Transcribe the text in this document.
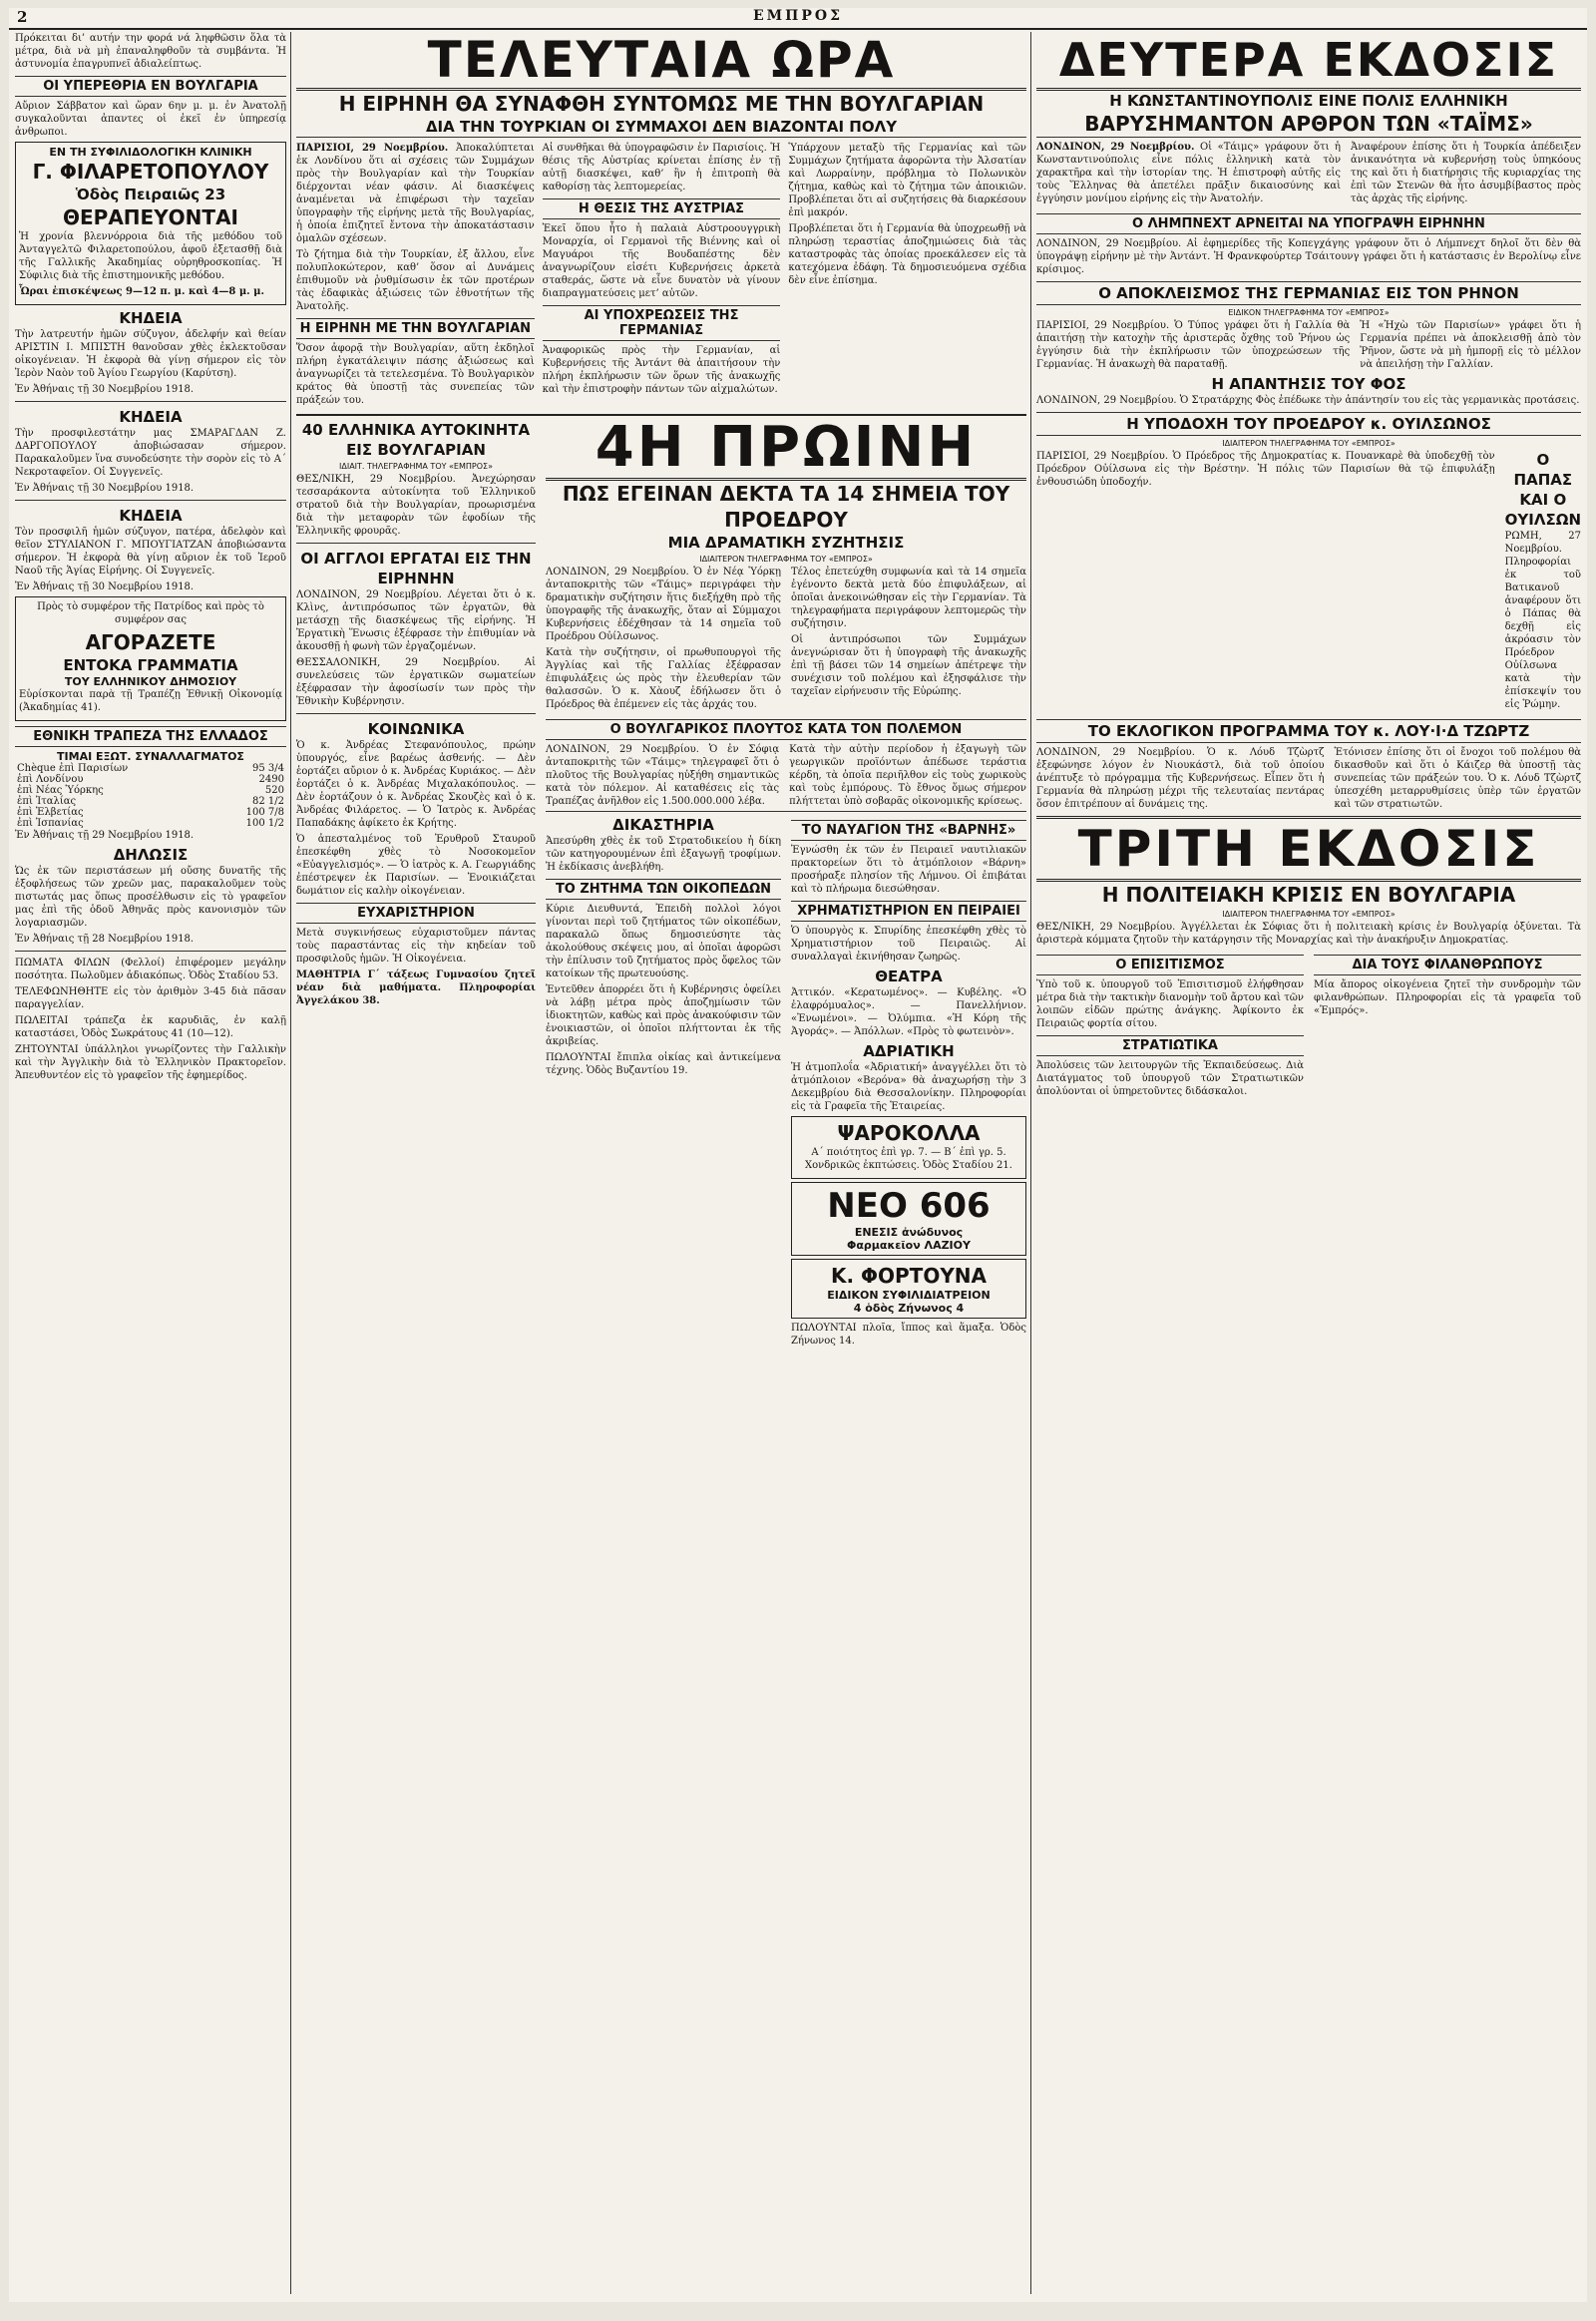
2	ΕΜΠΡΟΣ

Πρόκειται δι’ αυτήν την φορά νά ληφθῶσιν ὅλα τὰ μέτρα, διὰ νὰ μὴ ἐπαναληφθοῦν τὰ συμβάντα. Ἡ ἀστυνομία ἐπαγρυπνεῖ ἀδιαλείπτως.

ΟΙ ΥΠΕΡΕΘΡΙΑ ΕΝ ΒΟΥΛΓΑΡΙΑ

Αὔριον Σάββατον καὶ ὥραν 6ην μ. μ. ἐν Ἀνατολῇ συγκαλοῦνται ἀπαντες οἱ ἐκεῖ ἐν ὑπηρεσίᾳ ἀνθρωποι.

ΕΝ ΤΗ ΣΥΦΙΛΙΔΟΛΟΓΙΚΗ ΚΛΙΝΙΚΗ
Γ. ΦΙΛΑΡΕΤΟΠΟΥΛΟΥ
Ὁδὸς Πειραιῶς 23
ΘΕΡΑΠΕΥΟΝΤΑΙ

Ἡ χρονία βλεννόρροια διὰ τῆς μεθόδου τοῦ Ἀνταγγελτῶ Φιλαρετοπούλου, ἀφοῦ ἐξετασθῇ διὰ τῆς Γαλλικῆς Ἀκαδημίας οὐρηθροσκοπίας. Ἡ Σύφιλις διὰ τῆς ἐπιστημονικῆς μεθόδου.

Ὧραι ἐπισκέψεως 9—12 π. μ. καὶ 4—8 μ. μ.

ΚΗΔΕΙΑ

Τὴν λατρευτήν ἡμῶν σύζυγον, ἀδελφήν καὶ θείαν ΑΡΙΣΤΙΝ Ι. ΜΠΙΣΤΗ θανοῦσαν χθὲς ἐκλεκτοῦσαν οἰκογένειαν. Ἡ ἐκφορὰ θὰ γίνῃ σήμερον εἰς τὸν Ἱερὸν Ναὸν τοῦ Ἁγίου Γεωργίου (Καρύτση).

Ἐν Ἀθήναις τῇ 30 Νοεμβρίου 1918.

ΚΗΔΕΙΑ

Τὴν προσφιλεστάτην μας ΣΜΑΡΑΓΔΑΝ Ζ. ΔΑΡΓΟΠΟΥΛΟΥ ἀποβιώσασαν σήμερον. Παρακαλοῦμεν ἵνα συνοδεύσητε τὴν σορὸν εἰς τὸ Α΄ Νεκροταφεῖον. Οἱ Συγγενεῖς.

Ἐν Ἀθήναις τῇ 30 Νοεμβρίου 1918.

ΚΗΔΕΙΑ

Τὸν προσφιλῆ ἡμῶν σύζυγον, πατέρα, ἀδελφὸν καὶ θεῖον ΣΤΥΛΙΑΝΟΝ Γ. ΜΠΟΥΓΙΑΤΖΑΝ ἀποβιώσαντα σήμερον. Ἡ ἐκφορὰ θὰ γίνῃ αὔριον ἐκ τοῦ Ἱεροῦ Ναοῦ τῆς Ἁγίας Εἰρήνης. Οἱ Συγγενεῖς.

Ἐν Ἀθήναις τῇ 30 Νοεμβρίου 1918.

Πρὸς τὸ συμφέρον τῆς Πατρίδος καὶ πρὸς τὸ συμφέρον σας

ΑΓΟΡΑΖΕΤΕ
ΕΝΤΟΚΑ ΓΡΑΜΜΑΤΙΑ
ΤΟΥ ΕΛΛΗΝΙΚΟΥ ΔΗΜΟΣΙΟΥ

Εὑρίσκονται παρὰ τῇ Τραπέζῃ Ἐθνικῇ Οἰκονομίᾳ (Ἀκαδημίας 41).

ΕΘΝΙΚΗ ΤΡΑΠΕΖΑ ΤΗΣ ΕΛΛΑΔΟΣ
ΤΙΜΑΙ ΕΞΩΤ. ΣΥΝΑΛΛΑΓΜΑΤΟΣ
Chèque ἐπὶ Παρισίων	95 3/4
ἐπὶ Λονδίνου	2490
ἐπὶ Νέας Ὑόρκης	520
ἐπὶ Ἰταλίας	82 1/2
ἐπὶ Ἑλβετίας	100 7/8
ἐπὶ Ἰσπανίας	100 1/2

Ἐν Ἀθήναις τῇ 29 Νοεμβρίου 1918.

ΔΗΛΩΣΙΣ

Ὡς ἐκ τῶν περιστάσεων μή οὔσης δυνατῆς τῆς ἐξοφλήσεως τῶν χρεῶν μας, παρακαλοῦμεν τοὺς πιστωτάς μας ὅπως προσέλθωσιν εἰς τὸ γραφεῖον μας ἐπὶ τῆς ὁδοῦ Ἀθηνᾶς πρὸς κανονισμὸν τῶν λογαριασμῶν.

Ἐν Ἀθήναις τῇ 28 Νοεμβρίου 1918.

ΠΩΜΑΤΑ ΦΙΛΩΝ (Φελλοί) ἐπιφέρομεν μεγάλην ποσότητα. Πωλοῦμεν ἀδιακόπως. Ὁδὸς Σταδίου 53.

ΤΕΛΕΦΩΝΗΘΗΤΕ εἰς τὸν ἀριθμὸν 3-45 διὰ πᾶσαν παραγγελίαν.

ΠΩΛΕΙΤΑΙ τράπεζα ἐκ καρυδιᾶς, ἐν καλῇ καταστάσει, Ὁδὸς Σωκράτους 41 (10—12).

ΖΗΤΟΥΝΤΑΙ ὑπάλληλοι γνωρίζοντες τὴν Γαλλικὴν καὶ τὴν Ἀγγλικὴν διὰ τὸ Ἑλληνικὸν Πρακτορεῖον. Ἀπευθυντέον εἰς τὸ γραφεῖον τῆς ἐφημερίδος.

ΤΕΛΕΥΤΑΙΑ ΩΡΑ
Η ΕΙΡΗΝΗ ΘΑ ΣΥΝΑΦΘΗ ΣΥΝΤΟΜΩΣ ΜΕ ΤΗΝ ΒΟΥΛΓΑΡΙΑΝ
ΔΙΑ ΤΗΝ ΤΟΥΡΚΙΑΝ ΟΙ ΣΥΜΜΑΧΟΙ ΔΕΝ ΒΙΑΖΟΝΤΑΙ ΠΟΛΥ

ΠΑΡΙΣΙΟΙ, 29 Νοεμβρίου. Ἀποκαλύπτεται ἐκ Λονδίνου ὅτι αἱ σχέσεις τῶν Συμμάχων πρὸς τὴν Βουλγαρίαν καὶ τὴν Τουρκίαν διέρχονται νέαν φάσιν. Αἱ διασκέψεις ἀναμένεται νὰ ἐπιφέρωσι τὴν ταχεῖαν ὑπογραφὴν τῆς εἰρήνης μετὰ τῆς Βουλγαρίας, ἡ ὁποία ἐπιζητεῖ ἔντονα τὴν ἀποκατάστασιν ὁμαλῶν σχέσεων.

Τὸ ζήτημα διὰ τὴν Τουρκίαν, ἐξ ἄλλου, εἶνε πολυπλοκώτερον, καθ’ ὅσον αἱ Δυνάμεις ἐπιθυμοῦν νὰ ῥυθμίσωσιν ἐκ τῶν προτέρων τὰς ἐδαφικὰς ἀξιώσεις τῶν ἐθνοτήτων τῆς Ἀνατολῆς.

Η ΕΙΡΗΝΗ ΜΕ ΤΗΝ ΒΟΥΛΓΑΡΙΑΝ

Ὅσον ἀφορᾷ τὴν Βουλγαρίαν, αὕτη ἐκδηλοῖ πλήρη ἐγκατάλειψιν πάσης ἀξιώσεως καὶ ἀναγνωρίζει τὰ τετελεσμένα. Τὸ Βουλγαρικὸν κράτος θὰ ὑποστῇ τὰς συνεπείας τῶν πράξεών του.

Αἱ συνθῆκαι θὰ ὑπογραφῶσιν ἐν Παρισίοις. Ἡ θέσις τῆς Αὐστρίας κρίνεται ἐπίσης ἐν τῇ αὐτῇ διασκέψει, καθ’ ἣν ἡ ἐπιτροπὴ θὰ καθορίσῃ τὰς λεπτομερείας.

Η ΘΕΣΙΣ ΤΗΣ ΑΥΣΤΡΙΑΣ

Ἐκεῖ ὅπου ἦτο ἡ παλαιὰ Αὐστροουγγρικὴ Μοναρχία, οἱ Γερμανοὶ τῆς Βιέννης καὶ οἱ Μαγυάροι τῆς Βουδαπέστης δὲν ἀναγνωρίζουν εἰσέτι Κυβερνήσεις ἀρκετὰ σταθεράς, ὥστε νὰ εἶνε δυνατὸν νὰ γίνουν διαπραγματεύσεις μετ’ αὐτῶν.

ΑΙ ΥΠΟΧΡΕΩΣΕΙΣ ΤΗΣ ΓΕΡΜΑΝΙΑΣ

Ἀναφορικῶς πρὸς τὴν Γερμανίαν, αἱ Κυβερνήσεις τῆς Ἀντάντ θὰ ἀπαιτήσουν τὴν πλήρη ἐκπλήρωσιν τῶν ὅρων τῆς ἀνακωχῆς καὶ τὴν ἐπιστροφὴν πάντων τῶν αἰχμαλώτων.

Ὑπάρχουν μεταξὺ τῆς Γερμανίας καὶ τῶν Συμμάχων ζητήματα ἀφορῶντα τὴν Ἀλσατίαν καὶ Λωρραίνην, πρόβλημα τὸ Πολωνικὸν ζήτημα, καθὼς καὶ τὸ ζήτημα τῶν ἀποικιῶν. Προβλέπεται ὅτι αἱ συζητήσεις θὰ διαρκέσουν ἐπὶ μακρόν.

Προβλέπεται ὅτι ἡ Γερμανία θὰ ὑποχρεωθῇ νὰ πληρώσῃ τεραστίας ἀποζημιώσεις διὰ τὰς καταστροφὰς τὰς ὁποίας προεκάλεσεν εἰς τὰ κατεχόμενα ἐδάφη. Τὰ δημοσιευόμενα σχέδια δὲν εἶνε ἐπίσημα.

40 ΕΛΛΗΝΙΚΑ ΑΥΤΟΚΙΝΗΤΑ ΕΙΣ ΒΟΥΛΓΑΡΙΑΝ
ΙΔΙΑΙΤ. ΤΗΛΕΓΡΑΦΗΜΑ ΤΟΥ «ΕΜΠΡΟΣ»

ΘΕΣ/ΝΙΚΗ, 29 Νοεμβρίου. Ἀνεχώρησαν τεσσαράκοντα αὐτοκίνητα τοῦ Ἑλληνικοῦ στρατοῦ διὰ τὴν Βουλγαρίαν, προωρισμένα διὰ τὴν μεταφορὰν τῶν ἐφοδίων τῆς Ἑλληνικῆς φρουρᾶς.

ΟΙ ΑΓΓΛΟΙ ΕΡΓΑΤΑΙ ΕΙΣ ΤΗΝ ΕΙΡΗΝΗΝ

ΛΟΝΔΙΝΟΝ, 29 Νοεμβρίου. Λέγεται ὅτι ὁ κ. Κλὶνς, ἀντιπρόσωπος τῶν ἐργατῶν, θὰ μετάσχῃ τῆς διασκέψεως τῆς εἰρήνης. Ἡ Ἐργατικὴ Ἕνωσις ἐξέφρασε τὴν ἐπιθυμίαν νὰ ἀκουσθῇ ἡ φωνὴ τῶν ἐργαζομένων.

ΘΕΣΣΑΛΟΝΙΚΗ, 29 Νοεμβρίου. Αἱ συνελεύσεις τῶν ἐργατικῶν σωματείων ἐξέφρασαν τὴν ἀφοσίωσίν των πρὸς τὴν Ἐθνικὴν Κυβέρνησιν.

ΚΟΙΝΩΝΙΚΑ

Ὁ κ. Ἀνδρέας Στεφανόπουλος, πρώην ὑπουργός, εἶνε βαρέως ἀσθενής. — Δὲν ἑορτάζει αὔριον ὁ κ. Ἀνδρέας Κυριάκος. — Δὲν ἑορτάζει ὁ κ. Ἀνδρέας Μιχαλακόπουλος. — Δὲν ἑορτάζουν ὁ κ. Ἀνδρέας Σκουζὲς καὶ ὁ κ. Ἀνδρέας Φιλάρετος. — Ὁ Ἰατρὸς κ. Ἀνδρέας Παπαδάκης ἀφίκετο ἐκ Κρήτης.

Ὁ ἀπεσταλμένος τοῦ Ἐρυθροῦ Σταυροῦ ἐπεσκέφθη χθὲς τὸ Νοσοκομεῖον «Εὐαγγελισμός». — Ὁ ἰατρὸς κ. Α. Γεωργιάδης ἐπέστρεψεν ἐκ Παρισίων. — Ἐνοικιάζεται δωμάτιον εἰς καλὴν οἰκογένειαν.

ΕΥΧΑΡΙΣΤΗΡΙΟΝ

Μετὰ συγκινήσεως εὐχαριστοῦμεν πάντας τοὺς παραστάντας εἰς τὴν κηδείαν τοῦ προσφιλοῦς ἡμῶν. Ἡ Οἰκογένεια.

ΜΑΘΗΤΡΙΑ Γ΄ τάξεως Γυμνασίου ζητεῖ νέαν διὰ μαθήματα. Πληροφορίαι Ἀγγελάκου 38.

4Η ΠΡΩΙΝΗ
ΠΩΣ ΕΓΕΙΝΑΝ ΔΕΚΤΑ ΤΑ 14 ΣΗΜΕΙΑ ΤΟΥ ΠΡΟΕΔΡΟΥ
ΜΙΑ ΔΡΑΜΑΤΙΚΗ ΣΥΖΗΤΗΣΙΣ
ΙΔΙΑΙΤΕΡΟΝ ΤΗΛΕΓΡΑΦΗΜΑ ΤΟΥ «ΕΜΠΡΟΣ»

ΛΟΝΔΙΝΟΝ, 29 Νοεμβρίου. Ὁ ἐν Νέᾳ Ὑόρκῃ ἀνταποκριτὴς τῶν «Τάιμς» περιγράφει τὴν δραματικὴν συζήτησιν ἥτις διεξήχθη πρὸ τῆς ὑπογραφῆς τῆς ἀνακωχῆς, ὅταν αἱ Σύμμαχοι Κυβερνήσεις ἐδέχθησαν τὰ 14 σημεῖα τοῦ Προέδρου Οὐίλσωνος.

Κατὰ τὴν συζήτησιν, οἱ πρωθυπουργοὶ τῆς Ἀγγλίας καὶ τῆς Γαλλίας ἐξέφρασαν ἐπιφυλάξεις ὡς πρὸς τὴν ἐλευθερίαν τῶν θαλασσῶν. Ὁ κ. Χὰουζ ἐδήλωσεν ὅτι ὁ Πρόεδρος θὰ ἐπέμενεν εἰς τὰς ἀρχάς του.

Τέλος ἐπετεύχθη συμφωνία καὶ τὰ 14 σημεῖα ἐγένοντο δεκτὰ μετὰ δύο ἐπιφυλάξεων, αἱ ὁποῖαι ἀνεκοινώθησαν εἰς τὴν Γερμανίαν. Τὰ τηλεγραφήματα περιγράφουν λεπτομερῶς τὴν συζήτησιν.

Οἱ ἀντιπρόσωποι τῶν Συμμάχων ἀνεγνώρισαν ὅτι ἡ ὑπογραφὴ τῆς ἀνακωχῆς ἐπὶ τῇ βάσει τῶν 14 σημείων ἀπέτρεψε τὴν συνέχισιν τοῦ πολέμου καὶ ἐξησφάλισε τὴν ταχεῖαν εἰρήνευσιν τῆς Εὐρώπης.

Ο ΒΟΥΛΓΑΡΙΚΟΣ ΠΛΟΥΤΟΣ ΚΑΤΑ ΤΟΝ ΠΟΛΕΜΟΝ

ΛΟΝΔΙΝΟΝ, 29 Νοεμβρίου. Ὁ ἐν Σόφιᾳ ἀνταποκριτὴς τῶν «Τάιμς» τηλεγραφεῖ ὅτι ὁ πλοῦτος τῆς Βουλγαρίας ηὐξήθη σημαντικῶς κατὰ τὸν πόλεμον. Αἱ καταθέσεις εἰς τὰς Τραπέζας ἀνῆλθον εἰς 1.500.000.000 λέβα.

Κατὰ τὴν αὐτὴν περίοδον ἡ ἐξαγωγὴ τῶν γεωργικῶν προϊόντων ἀπέδωσε τεράστια κέρδη, τὰ ὁποῖα περιῆλθον εἰς τοὺς χωρικοὺς καὶ τοὺς ἐμπόρους. Τὸ ἔθνος ὅμως σήμερον πλήττεται ὑπὸ σοβαρᾶς οἰκονομικῆς κρίσεως.

ΔΙΚΑΣΤΗΡΙΑ

Ἀπεσύρθη χθὲς ἐκ τοῦ Στρατοδικείου ἡ δίκη τῶν κατηγορουμένων ἐπὶ ἐξαγωγῇ τροφίμων. Ἡ ἐκδίκασις ἀνεβλήθη.

ΤΟ ΖΗΤΗΜΑ ΤΩΝ ΟΙΚΟΠΕΔΩΝ

Κύριε Διευθυντά, Ἐπειδὴ πολλοὶ λόγοι γίνονται περὶ τοῦ ζητήματος τῶν οἰκοπέδων, παρακαλῶ ὅπως δημοσιεύσητε τὰς ἀκολούθους σκέψεις μου, αἱ ὁποῖαι ἀφορῶσι τὴν ἐπίλυσιν τοῦ ζητήματος πρὸς ὄφελος τῶν κατοίκων τῆς πρωτευούσης.

Ἐντεῦθεν ἀπορρέει ὅτι ἡ Κυβέρνησις ὀφείλει νὰ λάβῃ μέτρα πρὸς ἀποζημίωσιν τῶν ἰδιοκτητῶν, καθὼς καὶ πρὸς ἀνακούφισιν τῶν ἐνοικιαστῶν, οἱ ὁποῖοι πλήττονται ἐκ τῆς ἀκριβείας.

ΠΩΛΟΥΝΤΑΙ ἔπιπλα οἰκίας καὶ ἀντικείμενα τέχνης. Ὁδὸς Βυζαντίου 19.

ΤΟ ΝΑΥΑΓΙΟΝ ΤΗΣ «ΒΑΡΝΗΣ»

Ἐγνώσθη ἐκ τῶν ἐν Πειραιεῖ ναυτιλιακῶν πρακτορείων ὅτι τὸ ἀτμόπλοιον «Βάρνη» προσήραξε πλησίον τῆς Λήμνου. Οἱ ἐπιβάται καὶ τὸ πλήρωμα διεσώθησαν.

ΧΡΗΜΑΤΙΣΤΗΡΙΟΝ ΕΝ ΠΕΙΡΑΙΕΙ

Ὁ ὑπουργὸς κ. Σπυρίδης ἐπεσκέφθη χθὲς τὸ Χρηματιστήριον τοῦ Πειραιῶς. Αἱ συναλλαγαὶ ἐκινήθησαν ζωηρῶς.

ΘΕΑΤΡΑ

Ἀττικόν. «Κερατωμένος». — Κυβέλης. «Ὁ ἐλαφρόμυαλος». — Πανελλήνιον. «Ἐνωμένοι». — Ὀλύμπια. «Ἡ Κόρη τῆς Ἀγοράς». — Ἀπόλλων. «Πρὸς τὸ φωτεινὸν».

ΑΔΡΙΑΤΙΚΗ

Ἡ ἀτμοπλοΐα «Ἀδριατική» ἀναγγέλλει ὅτι τὸ ἀτμόπλοιον «Βερόνα» θὰ ἀναχωρήσῃ τὴν 3 Δεκεμβρίου διὰ Θεσσαλονίκην. Πληροφορίαι εἰς τὰ Γραφεῖα τῆς Ἑταιρείας.

ΨΑΡΟΚΟΛΛΑ

Α΄ ποιότητος ἐπὶ γρ. 7. — Β΄ ἐπὶ γρ. 5. Χονδρικῶς ἐκπτώσεις. Ὁδὸς Σταδίου 21.

ΝΕΟ 606
ΕΝΕΣΙΣ ἀνώδυνος
Φαρμακεῖον ΛΑΖΙΟΥ
Κ. ΦΟΡΤΟΥΝΑ
ΕΙΔΙΚΟΝ ΣΥΦΙΛΙΔΙΑΤΡΕΙΟΝ
4 ὁδὸς Ζήνωνος 4

ΠΩΛΟΥΝΤΑΙ πλοῖα, ἴππος καὶ ἅμαξα. Ὁδὸς Ζήνωνος 14.

ΔΕΥΤΕΡΑ ΕΚΔΟΣΙΣ
Η ΚΩΝΣΤΑΝΤΙΝΟΥΠΟΛΙΣ ΕΙΝΕ ΠΟΛΙΣ ΕΛΛΗΝΙΚΗ
ΒΑΡΥΣΗΜΑΝΤΟΝ ΑΡΘΡΟΝ ΤΩΝ «ΤΑΪΜΣ»

ΛΟΝΔΙΝΟΝ, 29 Νοεμβρίου. Οἱ «Τάιμς» γράφουν ὅτι ἡ Κωνσταντινούπολις εἶνε πόλις ἑλληνικὴ κατὰ τὸν χαρακτῆρα καὶ τὴν ἱστορίαν της. Ἡ ἐπιστροφὴ αὐτῆς εἰς τοὺς Ἕλληνας θὰ ἀπετέλει πρᾶξιν δικαιοσύνης καὶ ἐγγύησιν μονίμου εἰρήνης εἰς τὴν Ἀνατολήν.

Ἀναφέρουν ἐπίσης ὅτι ἡ Τουρκία ἀπέδειξεν ἀνικανότητα νὰ κυβερνήσῃ τοὺς ὑπηκόους της καὶ ὅτι ἡ διατήρησις τῆς κυριαρχίας της ἐπὶ τῶν Στενῶν θὰ ἦτο ἀσυμβίβαστος πρὸς τὰς ἀρχὰς τῆς εἰρήνης.

Ο ΛΗΜΠΝΕΧΤ ΑΡΝΕΙΤΑΙ ΝΑ ΥΠΟΓΡΑΨΗ ΕΙΡΗΝΗΝ

ΛΟΝΔΙΝΟΝ, 29 Νοεμβρίου. Αἱ ἐφημερίδες τῆς Κοπεγχάγης γράφουν ὅτι ὁ Λήμπνεχτ δηλοῖ ὅτι δὲν θὰ ὑπογράψῃ εἰρήνην μὲ τὴν Ἀντάντ. Ἡ Φρανκφούρτερ Τσάιτουνγ γράφει ὅτι ἡ κατάστασις ἐν Βερολίνῳ εἶνε κρίσιμος.

Ο ΑΠΟΚΛΕΙΣΜΟΣ ΤΗΣ ΓΕΡΜΑΝΙΑΣ ΕΙΣ ΤΟΝ ΡΗΝΟΝ
ΕΙΔΙΚΟΝ ΤΗΛΕΓΡΑΦΗΜΑ ΤΟΥ «ΕΜΠΡΟΣ»

ΠΑΡΙΣΙΟΙ, 29 Νοεμβρίου. Ὁ Τύπος γράφει ὅτι ἡ Γαλλία θὰ ἀπαιτήσῃ τὴν κατοχὴν τῆς ἀριστερᾶς ὄχθης τοῦ Ῥήνου ὡς ἐγγύησιν διὰ τὴν ἐκπλήρωσιν τῶν ὑποχρεώσεων τῆς Γερμανίας. Ἡ ἀνακωχὴ θὰ παραταθῇ.

Ἡ «Ἠχὼ τῶν Παρισίων» γράφει ὅτι ἡ Γερμανία πρέπει νὰ ἀποκλεισθῇ ἀπὸ τὸν Ῥῆνον, ὥστε νὰ μὴ ἠμπορῇ εἰς τὸ μέλλον νὰ ἀπειλήσῃ τὴν Γαλλίαν.

Η ΑΠΑΝΤΗΣΙΣ ΤΟΥ ΦΟΣ

ΛΟΝΔΙΝΟΝ, 29 Νοεμβρίου. Ὁ Στρατάρχης Φὸς ἐπέδωκε τὴν ἀπάντησίν του εἰς τὰς γερμανικὰς προτάσεις.

Η ΥΠΟΔΟΧΗ ΤΟΥ ΠΡΟΕΔΡΟΥ κ. ΟΥΙΛΣΩΝΟΣ
ΙΔΙΑΙΤΕΡΟΝ ΤΗΛΕΓΡΑΦΗΜΑ ΤΟΥ «ΕΜΠΡΟΣ»

ΠΑΡΙΣΙΟΙ, 29 Νοεμβρίου. Ὁ Πρόεδρος τῆς Δημοκρατίας κ. Πουανκαρὲ θὰ ὑποδεχθῇ τὸν Πρόεδρον Οὐίλσωνα εἰς τὴν Βρέστην. Ἡ πόλις τῶν Παρισίων θὰ τῷ ἐπιφυλάξῃ ἐνθουσιώδη ὑποδοχήν.

Ο ΠΑΠΑΣ ΚΑΙ Ο ΟΥΙΛΣΩΝ

ΡΩΜΗ, 27 Νοεμβρίου. Πληροφορίαι ἐκ τοῦ Βατικανοῦ ἀναφέρουν ὅτι ὁ Πάπας θὰ δεχθῇ εἰς ἀκρόασιν τὸν Πρόεδρον Οὐίλσωνα κατὰ τὴν ἐπίσκεψίν του εἰς Ῥώμην.

ΤΟ ΕΚΛΟΓΙΚΟΝ ΠΡΟΓΡΑΜΜΑ ΤΟΥ κ. ΛΟΥ·Ι·Δ ΤΖΩΡΤΖ

ΛΟΝΔΙΝΟΝ, 29 Νοεμβρίου. Ὁ κ. Λόυδ Τζὼρτζ ἐξεφώνησε λόγον ἐν Νιουκάστλ, διὰ τοῦ ὁποίου ἀνέπτυξε τὸ πρόγραμμα τῆς Κυβερνήσεως. Εἶπεν ὅτι ἡ Γερμανία θὰ πληρώσῃ μέχρι τῆς τελευταίας πεντάρας ὅσον ἐπιτρέπουν αἱ δυνάμεις της.

Ἐτόνισεν ἐπίσης ὅτι οἱ ἔνοχοι τοῦ πολέμου θὰ δικασθοῦν καὶ ὅτι ὁ Κάιζερ θὰ ὑποστῇ τὰς συνεπείας τῶν πράξεών του. Ὁ κ. Λόυδ Τζὼρτζ ὑπεσχέθη μεταρρυθμίσεις ὑπὲρ τῶν ἐργατῶν καὶ τῶν στρατιωτῶν.

ΤΡΙΤΗ ΕΚΔΟΣΙΣ
Η ΠΟΛΙΤΕΙΑΚΗ ΚΡΙΣΙΣ ΕΝ ΒΟΥΛΓΑΡΙΑ
ΙΔΙΑΙΤΕΡΟΝ ΤΗΛΕΓΡΑΦΗΜΑ ΤΟΥ «ΕΜΠΡΟΣ»

ΘΕΣ/ΝΙΚΗ, 29 Νοεμβρίου. Ἀγγέλλεται ἐκ Σόφιας ὅτι ἡ πολιτειακὴ κρίσις ἐν Βουλγαρίᾳ ὀξύνεται. Τὰ ἀριστερὰ κόμματα ζητοῦν τὴν κατάργησιν τῆς Μοναρχίας καὶ τὴν ἀνακήρυξιν Δημοκρατίας.

Ο ΕΠΙΣΙΤΙΣΜΟΣ

Ὑπὸ τοῦ κ. ὑπουργοῦ τοῦ Ἐπισιτισμοῦ ἐλήφθησαν μέτρα διὰ τὴν τακτικὴν διανομὴν τοῦ ἄρτου καὶ τῶν λοιπῶν εἰδῶν πρώτης ἀνάγκης. Ἀφίκοντο ἐκ Πειραιῶς φορτία σίτου.

ΣΤΡΑΤΙΩΤΙΚΑ

Ἀπολύσεις τῶν λειτουργῶν τῆς Ἐκπαιδεύσεως. Διὰ Διατάγματος τοῦ ὑπουργοῦ τῶν Στρατιωτικῶν ἀπολύονται οἱ ὑπηρετοῦντες διδάσκαλοι.

ΔΙΑ ΤΟΥΣ ΦΙΛΑΝΘΡΩΠΟΥΣ

Μία ἄπορος οἰκογένεια ζητεῖ τὴν συνδρομὴν τῶν φιλανθρώπων. Πληροφορίαι εἰς τὰ γραφεῖα τοῦ «Ἐμπρός».
